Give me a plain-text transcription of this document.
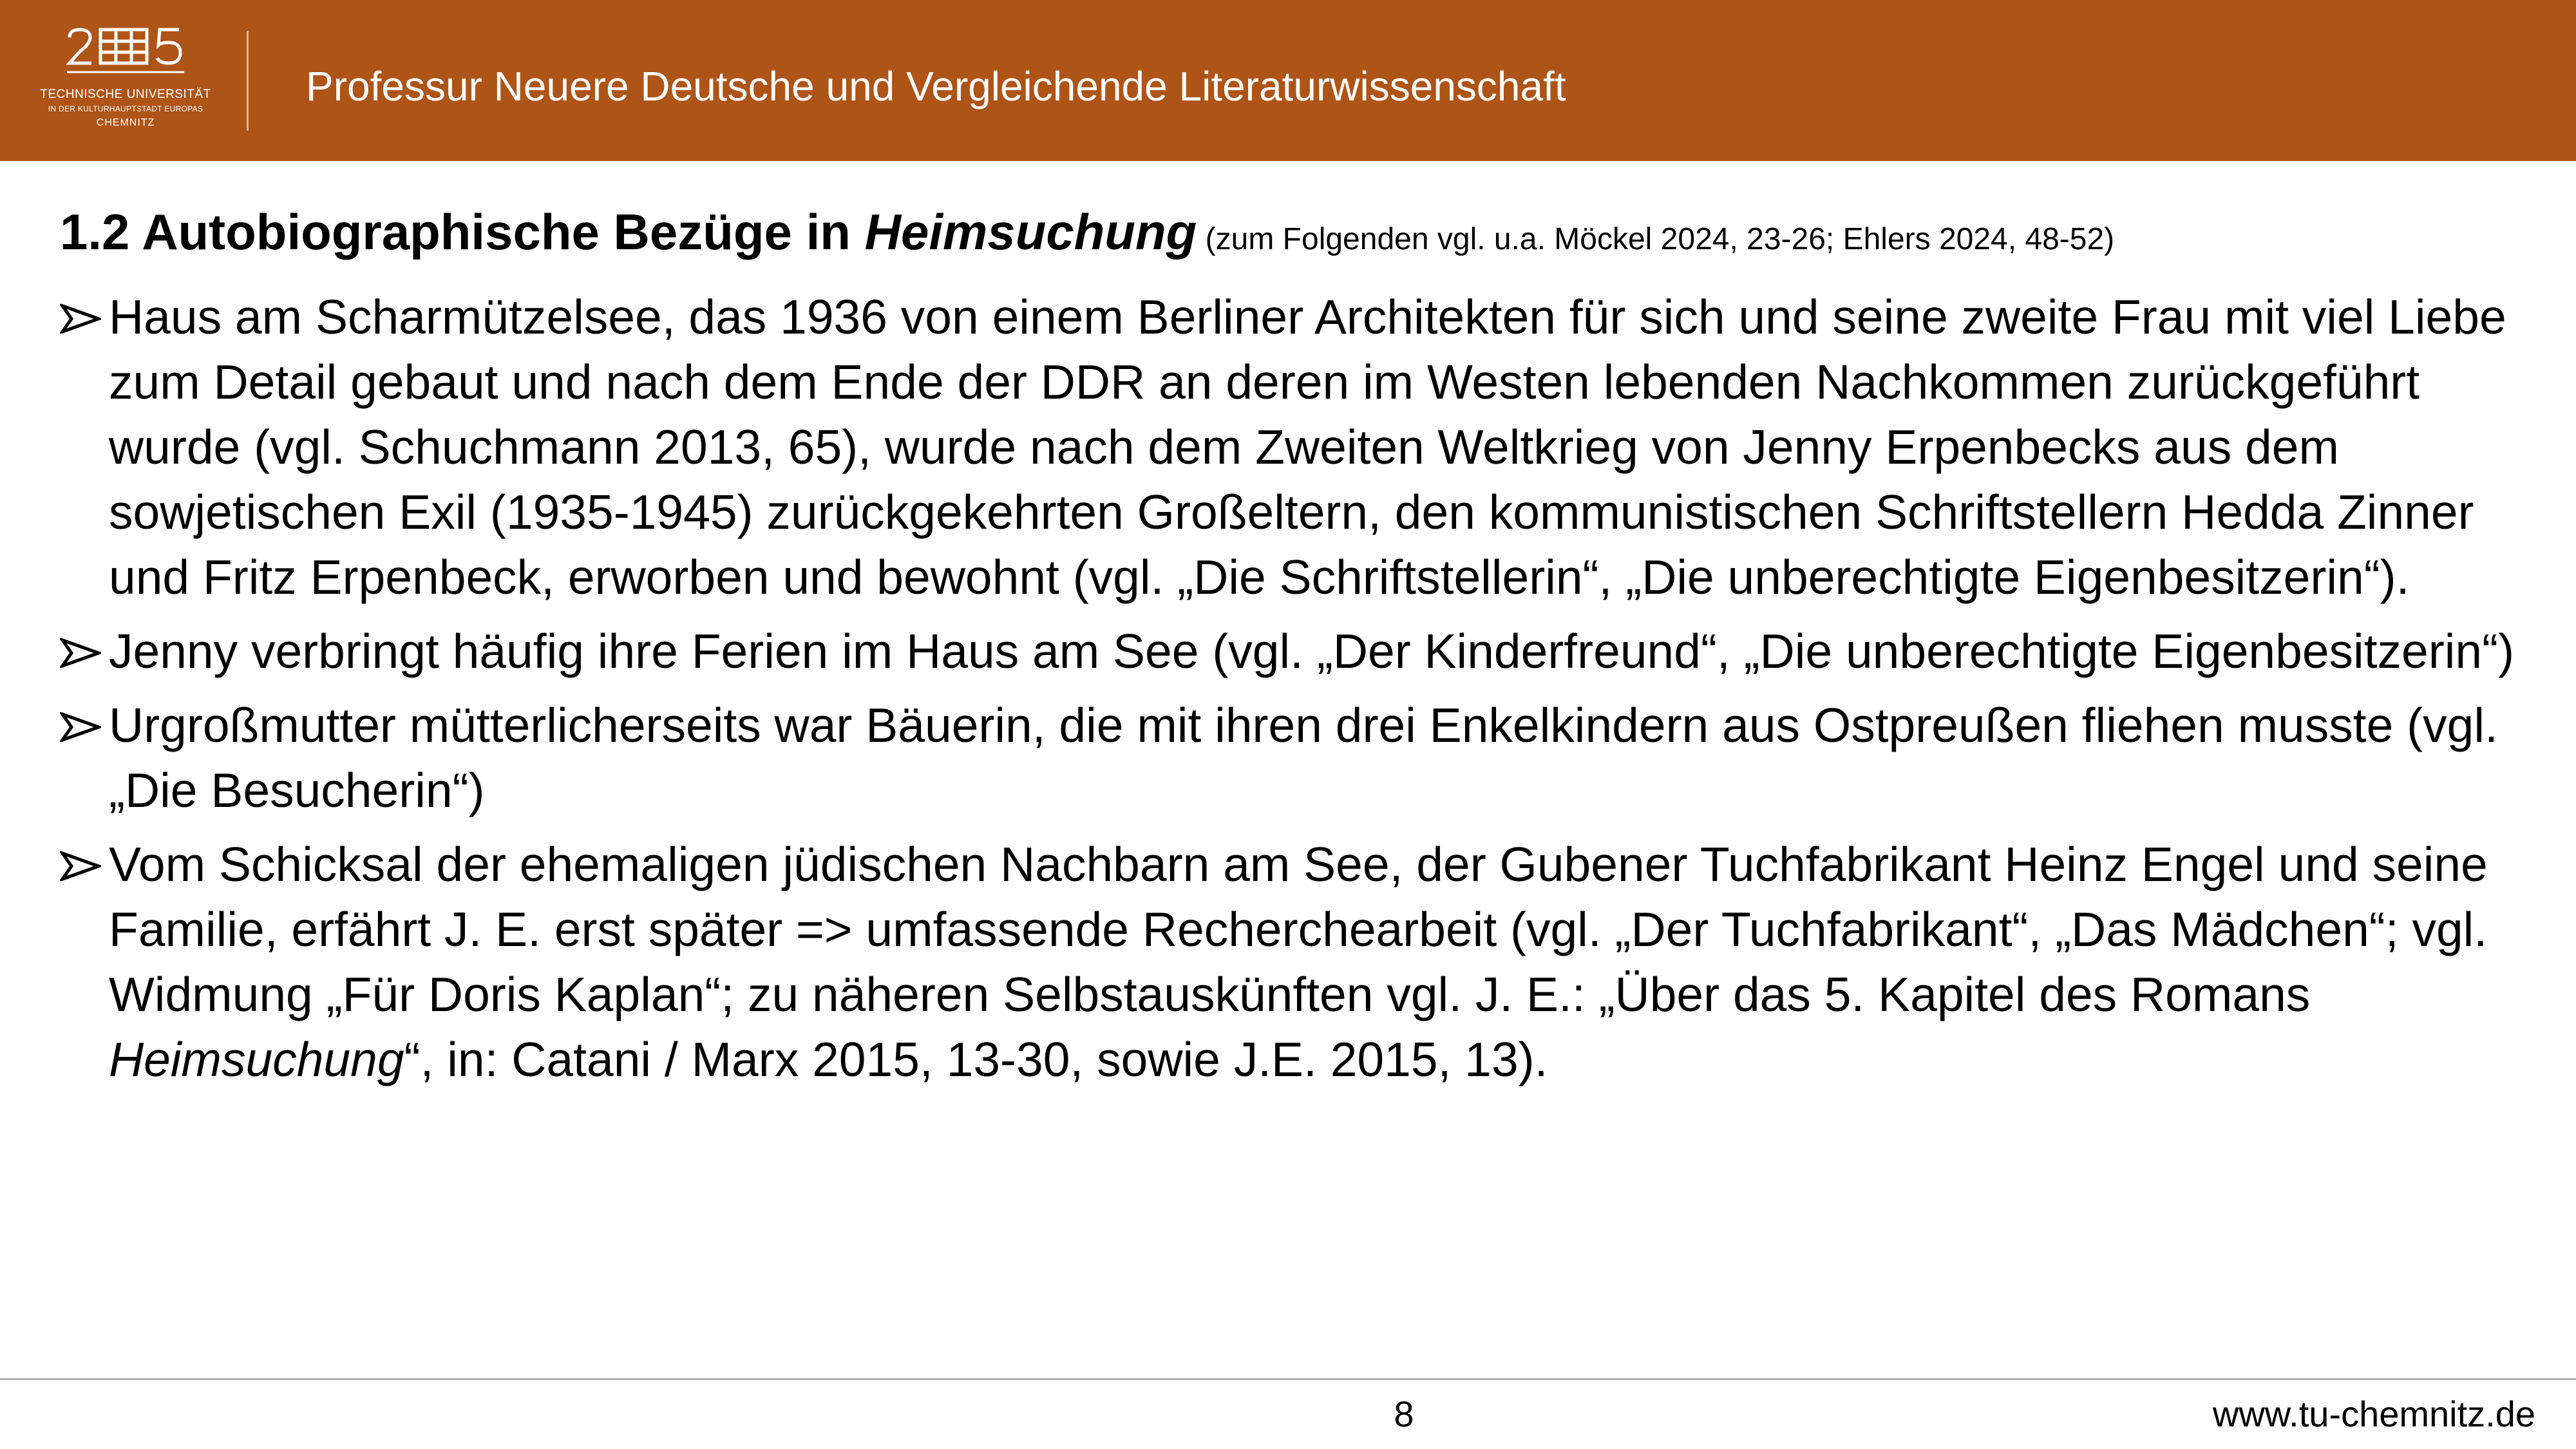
TECHNISCHE UNIVERSITÄT
IN DER KULTURHAUPTSTADT EUROPAS
CHEMNITZ
Professur Neuere Deutsche und Vergleichende Literaturwissenschaft
1.2 Autobiographische Bezüge in Heimsuchung (zum Folgenden vgl. u.a. Möckel 2024, 23-26; Ehlers 2024, 48-52)
Haus am Scharmützelsee, das 1936 von einem Berliner Architekten für sich und seine zweite Frau mit viel Liebe zum Detail gebaut und nach dem Ende der DDR an deren im Westen lebenden Nachkommen zurückgeführt wurde (vgl. Schuchmann 2013, 65), wurde nach dem Zweiten Weltkrieg von Jenny Erpenbecks aus dem sowjetischen Exil (1935-1945) zurückgekehrten Großeltern, den kommunistischen Schriftstellern Hedda Zinner und Fritz Erpenbeck, erworben und bewohnt (vgl. „Die Schriftstellerin“, „Die unberechtigte Eigenbesitzerin“).
Jenny verbringt häufig ihre Ferien im Haus am See (vgl. „Der Kinderfreund“, „Die unberechtigte Eigenbesitzerin“)
Urgroßmutter mütterlicherseits war Bäuerin, die mit ihren drei Enkelkindern aus Ostpreußen fliehen musste (vgl. „Die Besucherin“)
Vom Schicksal der ehemaligen jüdischen Nachbarn am See, der Gubener Tuchfabrikant Heinz Engel und seine Familie, erfährt J. E. erst später => umfassende Recherchearbeit (vgl. „Der Tuchfabrikant“, „Das Mädchen“; vgl. Widmung „Für Doris Kaplan“; zu näheren Selbstauskünften vgl. J. E.: „Über das 5. Kapitel des Romans Heimsuchung“, in: Catani / Marx 2015, 13-30, sowie J.E. 2015, 13).
8	www.tu-chemnitz.de
